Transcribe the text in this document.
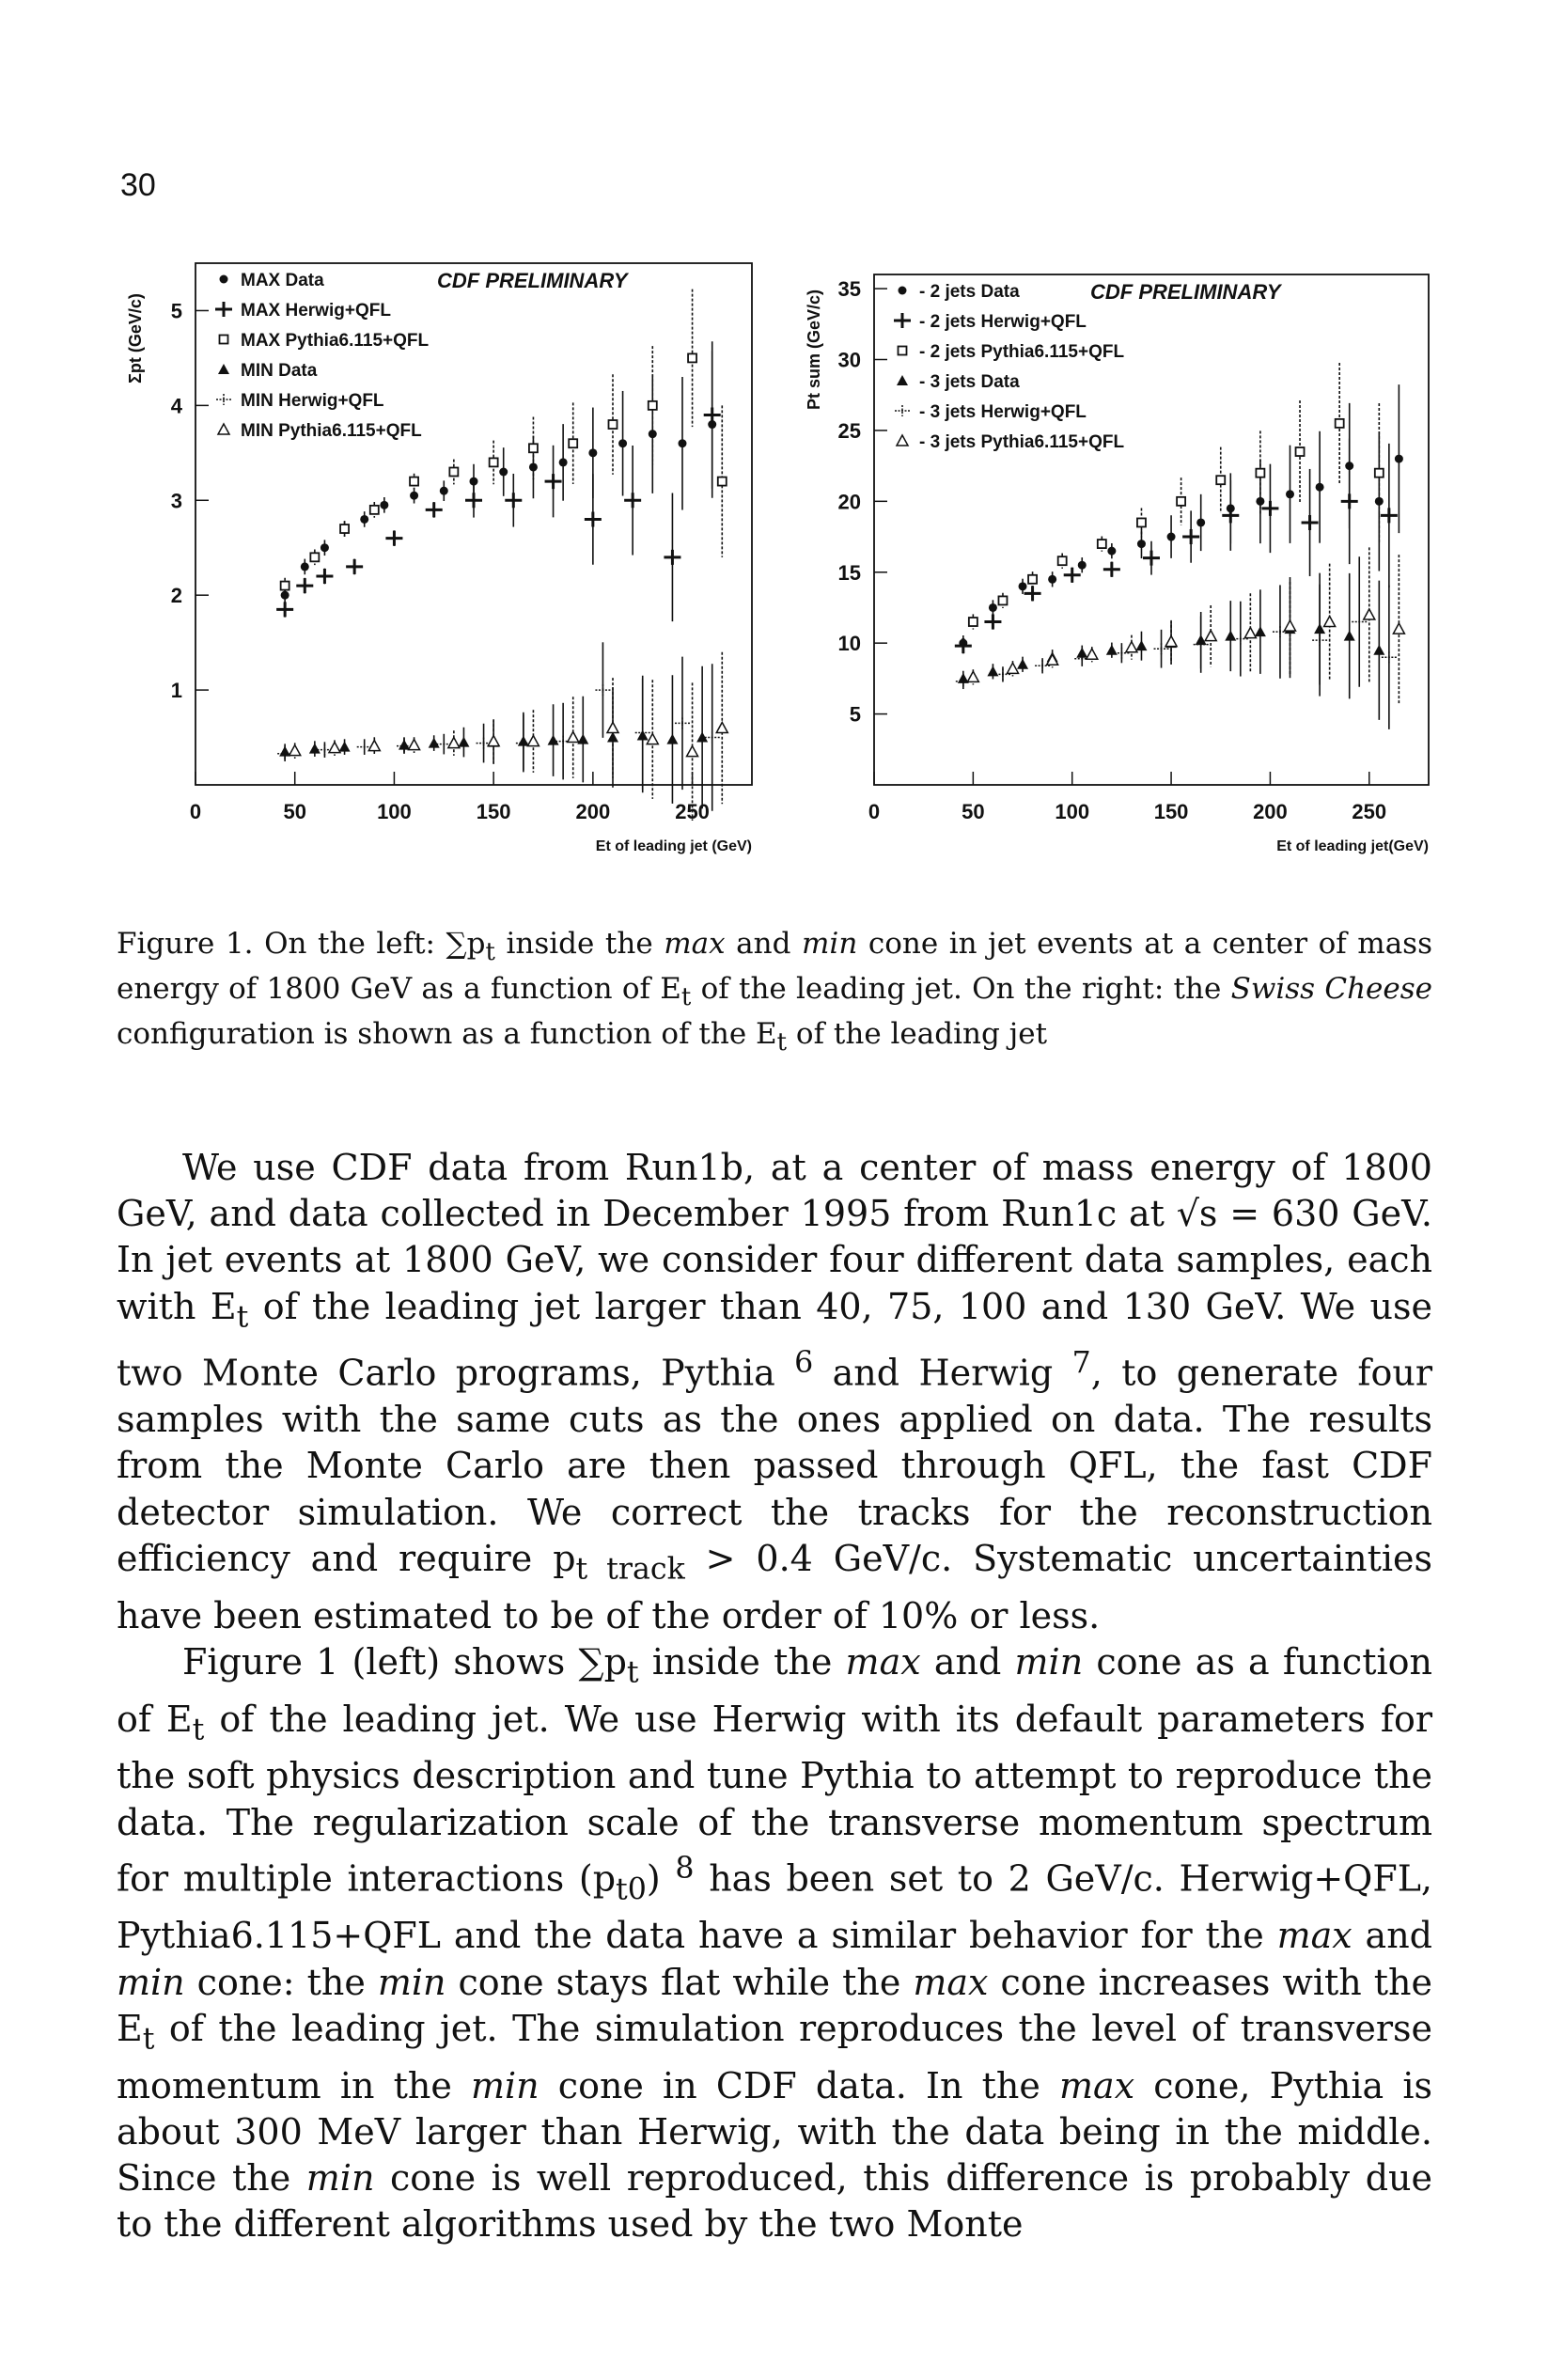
30
0	50	100	150	200	250
1
2
3
4
5
Et of leading jet (GeV)
Σpt (GeV/c)
CDF PRELIMINARY
MAX Data
MAX Herwig+QFL
MAX Pythia6.115+QFL
MIN Data
MIN Herwig+QFL
MIN Pythia6.115+QFL
0	50	100	150	200	250
5
10
15
20
25
30
35
Et of leading jet(GeV)
Pt sum (GeV/c)	CDF PRELIMINARY
- 2 jets Data
- 2 jets Herwig+QFL
- 2 jets Pythia6.115+QFL
- 3 jets Data
- 3 jets Herwig+QFL
- 3 jets Pythia6.115+QFL
Figure 1. On the left: $\sum p_t$ inside the max and min cone in jet events at a center of mass energy of 1800 GeV as a function of $E_t$ of the leading jet. On the right: the Swiss Cheese configuration is shown as a function of the $E_t$ of the leading jet

We use CDF data from Run1b, at a center of mass energy of 1800 GeV, and data collected in December 1995 from Run1c at √s = 630 GeV. In jet events at 1800 GeV, we consider four different data samples, each with $E_t$ of the leading jet larger than 40, 75, 100 and 130 GeV. We use two Monte Carlo programs, Pythia $^6$ and Herwig $^7$, to generate four samples with the same cuts as the ones applied on data. The results from the Monte Carlo are then passed through QFL, the fast CDF detector simulation. We correct the tracks for the reconstruction efficiency and require $p_{t track} > 0.4$ GeV/c. Systematic uncertainties have been estimated to be of the order of 10% or less.

Figure 1 (left) shows $\sum p_t$ inside the max and min cone as a function of $E_t$ of the leading jet. We use Herwig with its default parameters for the soft physics description and tune Pythia to attempt to reproduce the data. The regularization scale of the transverse momentum spectrum for multiple interactions $(p_{t0})$ $^8$ has been set to 2 GeV/c. Herwig+QFL, Pythia6.115+QFL and the data have a similar behavior for the max and min cone: the min cone stays flat while the max cone increases with the $E_t$ of the leading jet. The simulation reproduces the level of transverse momentum in the min cone in CDF data. In the max cone, Pythia is about 300 MeV larger than Herwig, with the data being in the middle. Since the min cone is well reproduced, this difference is probably due to the different algorithms used by the two Monte
